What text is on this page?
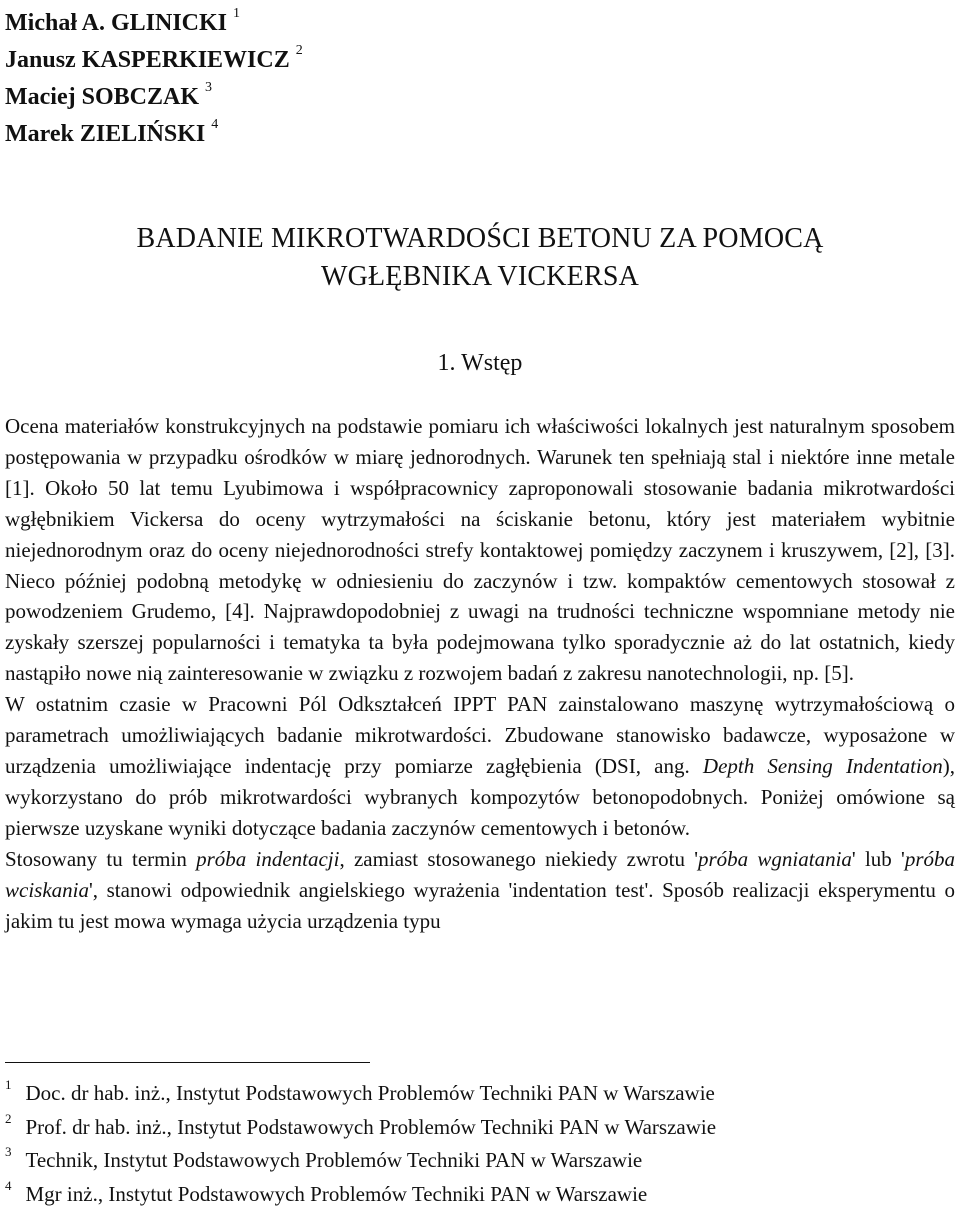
Michał A. GLINICKI $^1$
Janusz KASPERKIEWICZ $^2$
Maciej SOBCZAK $^3$
Marek ZIELIŃSKI $^4$
BADANIE MIKROTWARDOŚCI BETONU ZA POMOCĄ
WGŁĘBNIKA VICKERSA
1. Wstęp

Ocena materiałów konstrukcyjnych na podstawie pomiaru ich właściwości lokalnych jest naturalnym sposobem postępowania w przypadku ośrodków w miarę jednorodnych. Warunek ten spełniają stal i niektóre inne metale [1]. Około 50 lat temu Lyubimowa i współpracownicy zaproponowali stosowanie badania mikrotwardości wgłębnikiem Vickersa do oceny wytrzymałości na ściskanie betonu, który jest materiałem wybitnie niejednorodnym oraz do oceny niejednorodności strefy kontaktowej pomiędzy zaczynem i kruszywem, [2], [3]. Nieco później podobną metodykę w odniesieniu do zaczynów i tzw. kompaktów cementowych stosował z powodzeniem Grudemo, [4]. Najprawdopodobniej z uwagi na trudności techniczne wspomniane metody nie zyskały szerszej popularności i tematyka ta była podejmowana tylko sporadycznie aż do lat ostatnich, kiedy nastąpiło nowe nią zainteresowanie w związku z rozwojem badań z zakresu nanotechnologii, np. [5].

W ostatnim czasie w Pracowni Pól Odkształceń IPPT PAN zainstalowano maszynę wytrzymałościową o parametrach umożliwiających badanie mikrotwardości. Zbudowane stanowisko badawcze, wyposażone w urządzenia umożliwiające indentację przy pomiarze zagłębienia (DSI, ang. Depth Sensing Indentation), wykorzystano do prób mikrotwardości wybranych kompozytów betonopodobnych. Poniżej omówione są pierwsze uzyskane wyniki dotyczące badania zaczynów cementowych i betonów.

Stosowany tu termin próba indentacji, zamiast stosowanego niekiedy zwrotu 'próba wgniatania' lub 'próba wciskania', stanowi odpowiednik angielskiego wyrażenia 'indentation test'. Sposób realizacji eksperymentu o jakim tu jest mowa wymaga użycia urządzenia typu

$^1$ Doc. dr hab. inż., Instytut Podstawowych Problemów Techniki PAN w Warszawie
$^2$ Prof. dr hab. inż., Instytut Podstawowych Problemów Techniki PAN w Warszawie
$^3$ Technik, Instytut Podstawowych Problemów Techniki PAN w Warszawie
$^4$ Mgr inż., Instytut Podstawowych Problemów Techniki PAN w Warszawie
